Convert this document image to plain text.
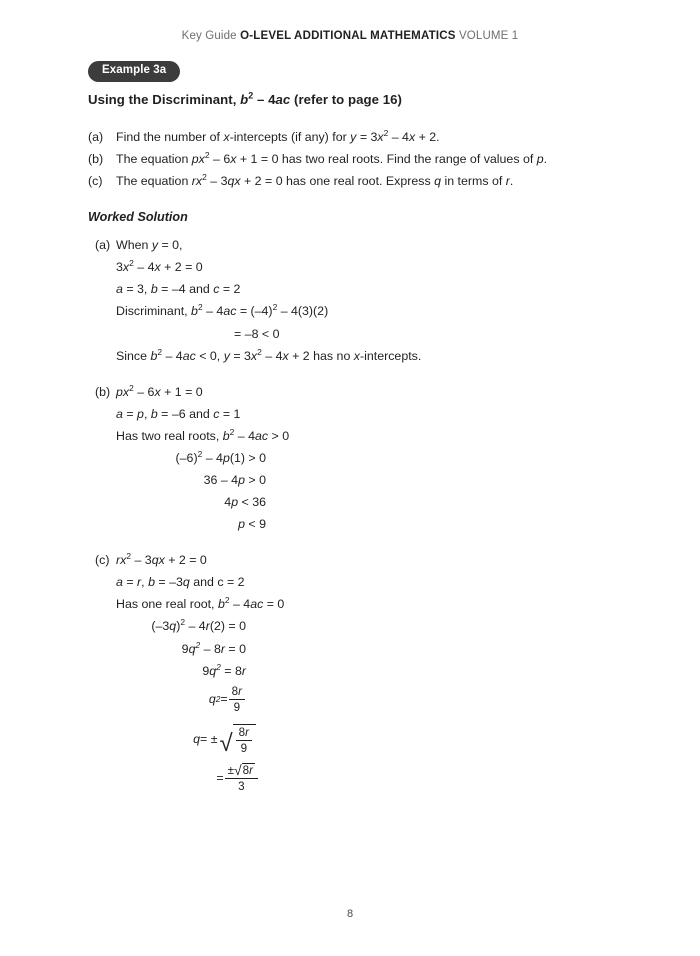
Key Guide O-LEVEL ADDITIONAL MATHEMATICS VOLUME 1
Example 3a
Using the Discriminant, $b^2 - 4ac$ (refer to page 16)
(a)	Find the number of x-intercepts (if any) for $y = 3x^2 - 4x + 2$.
(b)	The equation $px^2 - 6x + 1 = 0$ has two real roots. Find the range of values of p.
(c)	The equation $rx^2 - 3qx + 2 = 0$ has one real root. Express q in terms of r.
Worked Solution
(a) When y = 0,
$3x^2 - 4x + 2 = 0$
a = 3, b = –4 and c = 2
Discriminant, $b^2 - 4ac = (-4)^2 - 4(3)(2)$
= –8 < 0
Since $b^2 - 4ac < 0$, $y = 3x^2 - 4x + 2$ has no x-intercepts.
(b) $px^2 - 6x + 1 = 0$
a = p, b = –6 and c = 1
Has two real roots, $b^2 - 4ac > 0$
$(-6)^2 - 4p(1) > 0$
36 – 4p > 0
4p < 36
p < 9
(c) $rx^2 - 3qx + 2 = 0$
a = r, b = –3q and c = 2
Has one real root, $b^2 - 4ac = 0$
$(-3q)^2 - 4r(2) = 0$
$9q^2 - 8r = 0$
$9q^2 = 8r$
q $2 = \frac{8r}{9}$
q = ± √ $\frac{8r}{9}$
= $\frac{\pm √ 8 r}{3}$
8
